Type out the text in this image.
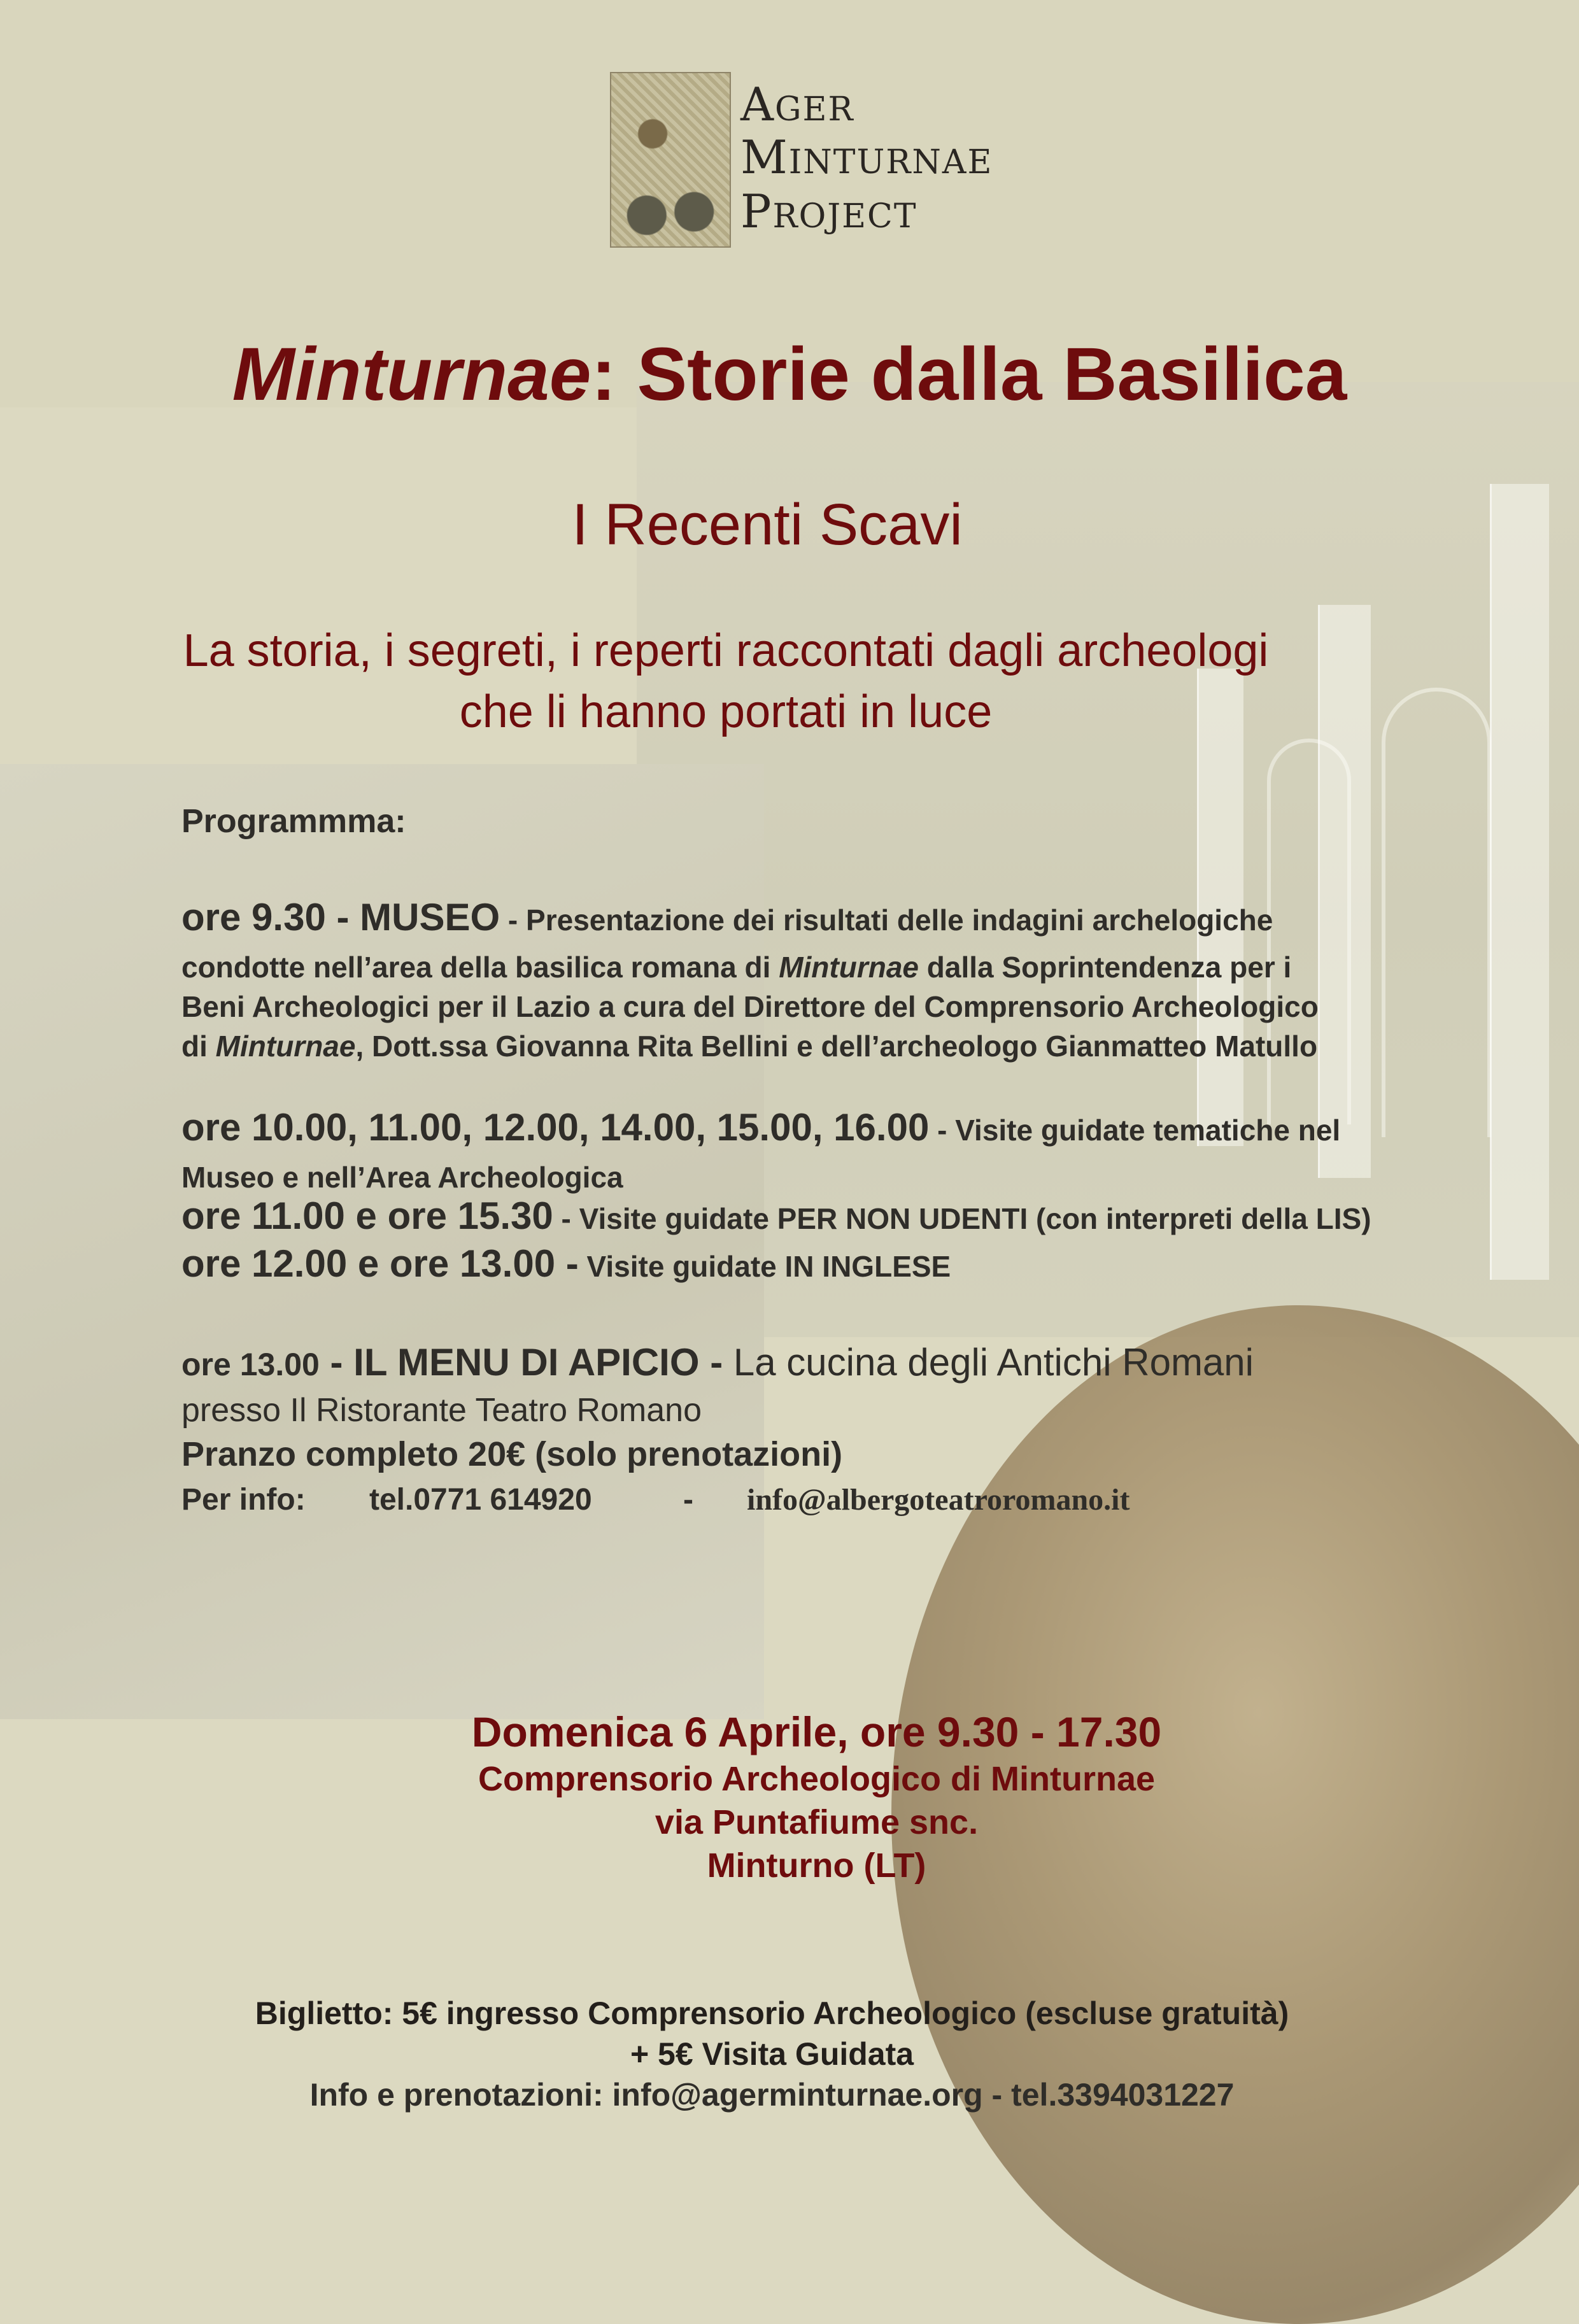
AGER
MINTURNAE
PROJECT
Minturnae: Storie dalla Basilica
I Recenti Scavi
La storia, i segreti, i reperti raccontati dagli archeologi
che li hanno portati in luce
Programmma:
ore 9.30 - MUSEO - Presentazione dei risultati delle indagini archelogiche
condotte nell’area della basilica romana di Minturnae dalla Soprintendenza per i
Beni Archeologici per il Lazio a cura del Direttore del Comprensorio Archeologico
di Minturnae, Dott.ssa Giovanna Rita Bellini e dell’archeologo Gianmatteo Matullo
ore 10.00, 11.00, 12.00, 14.00, 15.00, 16.00 - Visite guidate tematiche nel
Museo e nell’Area Archeologica
ore 11.00 e ore 15.30 - Visite guidate PER NON UDENTI (con interpreti della LIS)
ore 12.00 e ore 13.00 - Visite guidate IN INGLESE
ore 13.00 - IL MENU DI APICIO - La cucina degli Antichi Romani
presso Il Ristorante Teatro Romano
Pranzo completo 20€ (solo prenotazioni)
Per info: tel.0771 614920	- info@albergoteatroromano.it
Domenica 6 Aprile, ore 9.30 - 17.30
Comprensorio Archeologico di Minturnae
via Puntafiume snc.
Minturno (LT)
Biglietto: 5€ ingresso Comprensorio Archeologico (escluse gratuità)
+ 5€ Visita Guidata
Info e prenotazioni: info@agerminturnae.org - tel.3394031227
